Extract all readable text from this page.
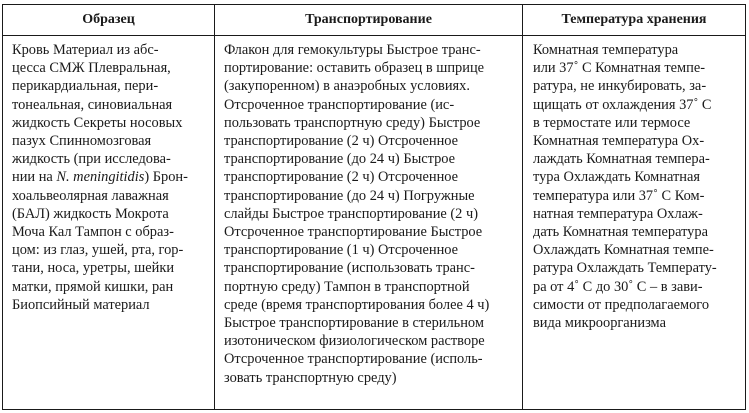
Образец	Транспортирование	Температура хранения
Кровь Материал из абс-
цесса СМЖ Плевральная,
перикардиальная, пери-
тонеальная, синовиальная
жидкость Секреты носовых
пазух Спинномозговая
жидкость (при исследова-
нии на N. meningitidis) Брон-
хоальвеолярная лаважная
(БАЛ) жидкость Мокрота
Моча Кал Тампон с образ-
цом: из глаз, ушей, рта, гор-
тани, носа, уретры, шейки
матки, прямой кишки, ран
Биопсийный материал
Флакон для гемокультуры Быстрое транс-
портирование: оставить образец в шприце
(закупоренном) в анаэробных условиях.
Отсроченное транспортирование (ис-
пользовать транспортную среду) Быстрое
транспортирование (2 ч) Отсроченное
транспортирование (до 24 ч) Быстрое
транспортирование (2 ч) Отсроченное
транспортирование (до 24 ч) Погружные
слайды Быстрое транспортирование (2 ч)
Отсроченное транспортирование Быстрое
транспортирование (1 ч) Отсроченное
транспортирование (использовать транс-
портную среду) Тампон в транспортной
среде (время транспортирования более 4 ч)
Быстрое транспортирование в стерильном
изотоническом физиологическом растворе
Отсроченное транспортирование (исполь-
зовать транспортную среду)
Комнатная температура
или 37˚ С Комнатная темпе-
ратура, не инкубировать, за-
щищать от охлаждения 37˚ С
в термостате или термосе
Комнатная температура Ох-
лаждать Комнатная темпера-
тура Охлаждать Комнатная
температура или 37˚ С Ком-
натная температура Охлаж-
дать Комнатная температура
Охлаждать Комнатная темпе-
ратура Охлаждать Температу-
ра от 4˚ С до 30˚ С – в зави-
симости от предполагаемого
вида микроорганизма
